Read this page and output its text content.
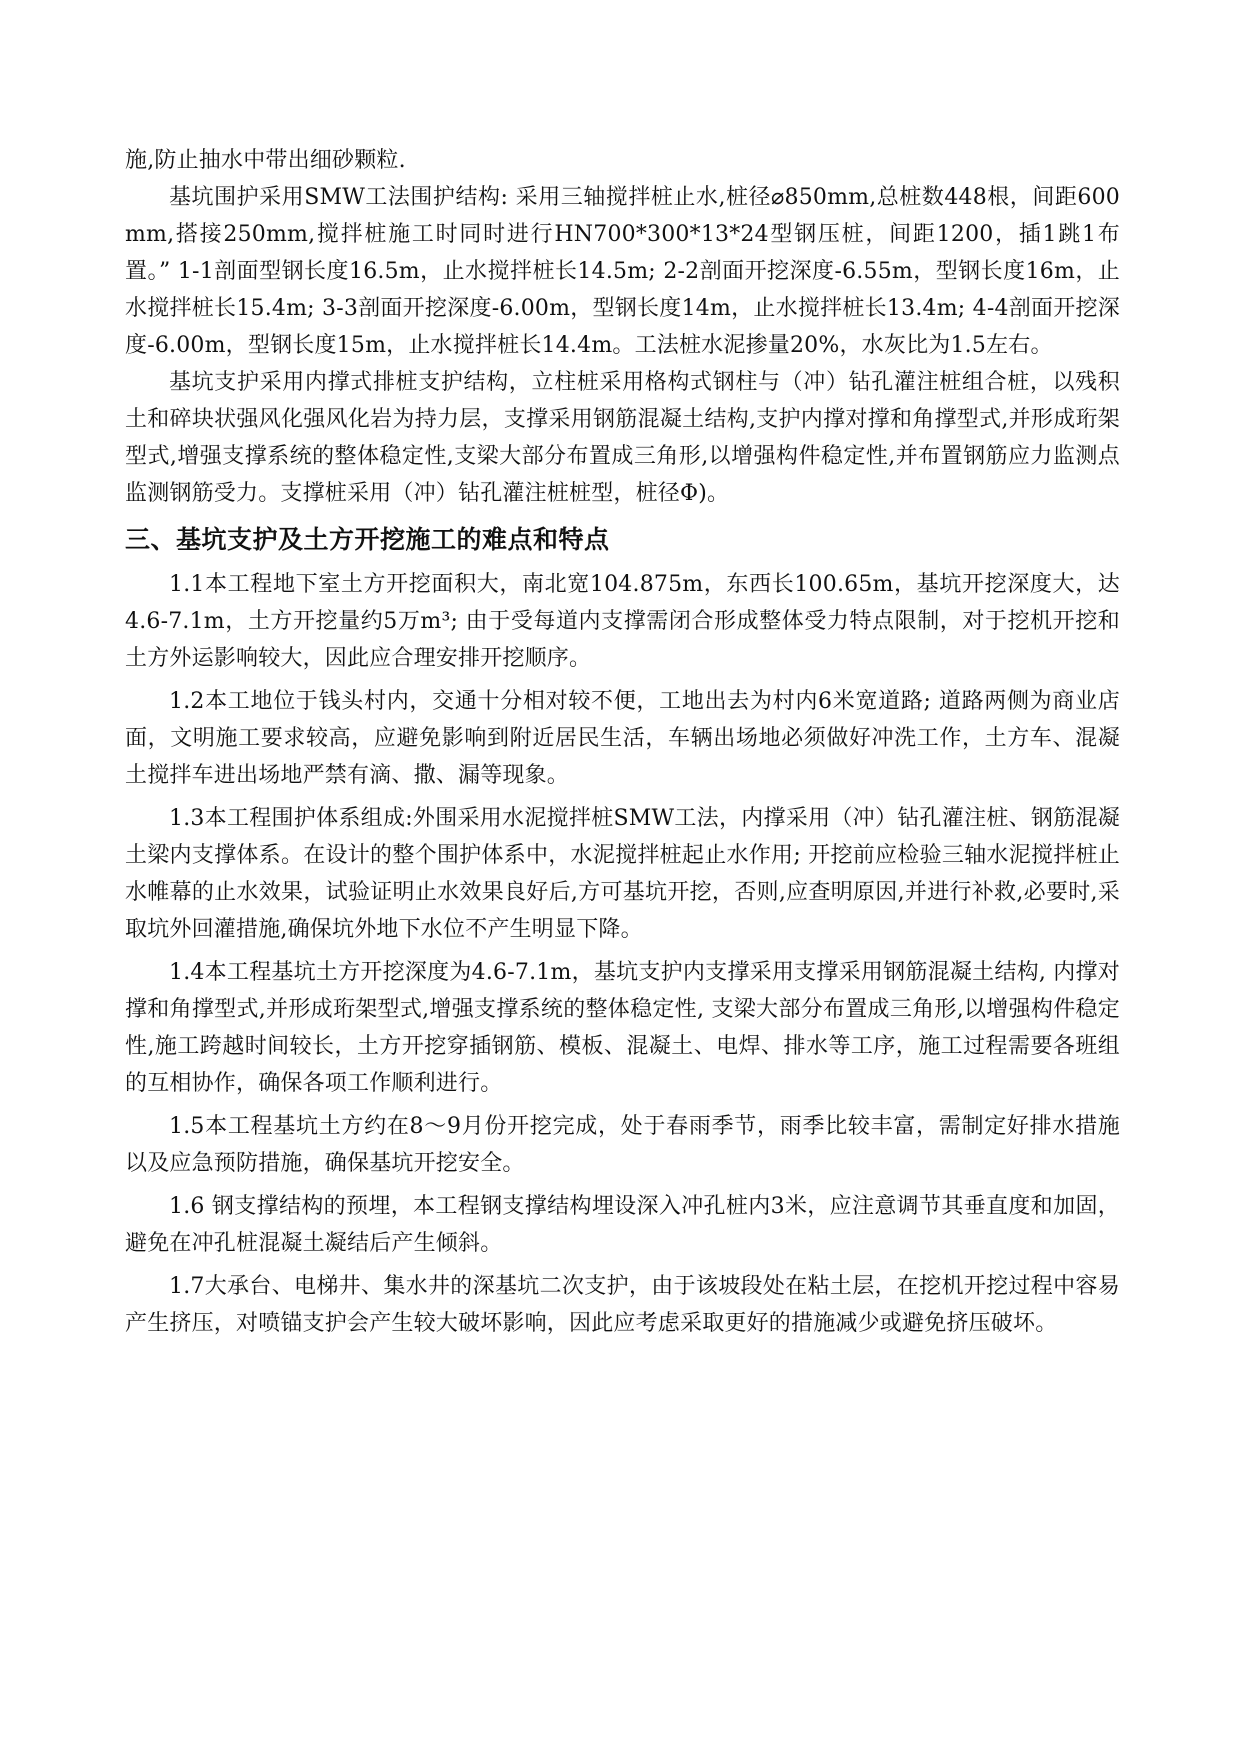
施,防止抽水中带出细砂颗粒.

基坑围护采用SMW工法围护结构: 采用三轴搅拌桩止水,桩径⌀850mm,总桩数448根，间距600mm,搭接250mm,搅拌桩施工时同时进行HN700*300*13*24型钢压桩，间距1200，插1跳1布置。” 1-1剖面型钢长度16.5m，止水搅拌桩长14.5m; 2-2剖面开挖深度-6.55m，型钢长度16m，止水搅拌桩长15.4m; 3-3剖面开挖深度-6.00m，型钢长度14m，止水搅拌桩长13.4m; 4-4剖面开挖深度-6.00m，型钢长度15m，止水搅拌桩长14.4m。工法桩水泥掺量20%，水灰比为1.5左右。

基坑支护采用内撑式排桩支护结构，立柱桩采用格构式钢柱与（冲）钻孔灌注桩组合桩，以残积土和碎块状强风化强风化岩为持力层，支撑采用钢筋混凝土结构,支护内撑对撑和角撑型式,并形成珩架型式,增强支撑系统的整体稳定性,支梁大部分布置成三角形,以增强构件稳定性,并布置钢筋应力监测点监测钢筋受力。支撑桩采用（冲）钻孔灌注桩桩型，桩径Φ)。

三、基坑支护及土方开挖施工的难点和特点

1.1本工程地下室土方开挖面积大，南北宽104.875m，东西长100.65m，基坑开挖深度大，达4.6-7.1m，土方开挖量约5万m³; 由于受每道内支撑需闭合形成整体受力特点限制，对于挖机开挖和土方外运影响较大，因此应合理安排开挖顺序。

1.2本工地位于钱头村内，交通十分相对较不便，工地出去为村内6米宽道路; 道路两侧为商业店面，文明施工要求较高，应避免影响到附近居民生活，车辆出场地必须做好冲洗工作，土方车、混凝土搅拌车进出场地严禁有滴、撒、漏等现象。

1.3本工程围护体系组成:外围采用水泥搅拌桩SMW工法，内撑采用（冲）钻孔灌注桩、钢筋混凝土梁内支撑体系。在设计的整个围护体系中，水泥搅拌桩起止水作用; 开挖前应检验三轴水泥搅拌桩止水帷幕的止水效果，试验证明止水效果良好后,方可基坑开挖，否则,应查明原因,并进行补救,必要时,采取坑外回灌措施,确保坑外地下水位不产生明显下降。

1.4本工程基坑土方开挖深度为4.6-7.1m，基坑支护内支撑采用支撑采用钢筋混凝土结构, 内撑对撑和角撑型式,并形成珩架型式,增强支撑系统的整体稳定性, 支梁大部分布置成三角形,以增强构件稳定性,施工跨越时间较长，土方开挖穿插钢筋、模板、混凝土、电焊、排水等工序，施工过程需要各班组的互相协作，确保各项工作顺利进行。

1.5本工程基坑土方约在8～9月份开挖完成，处于春雨季节，雨季比较丰富，需制定好排水措施以及应急预防措施，确保基坑开挖安全。

1.6 钢支撑结构的预埋，本工程钢支撑结构埋设深入冲孔桩内3米，应注意调节其垂直度和加固，避免在冲孔桩混凝土凝结后产生倾斜。

1.7大承台、电梯井、集水井的深基坑二次支护，由于该坡段处在粘土层，在挖机开挖过程中容易产生挤压，对喷锚支护会产生较大破坏影响，因此应考虑采取更好的措施减少或避免挤压破坏。
